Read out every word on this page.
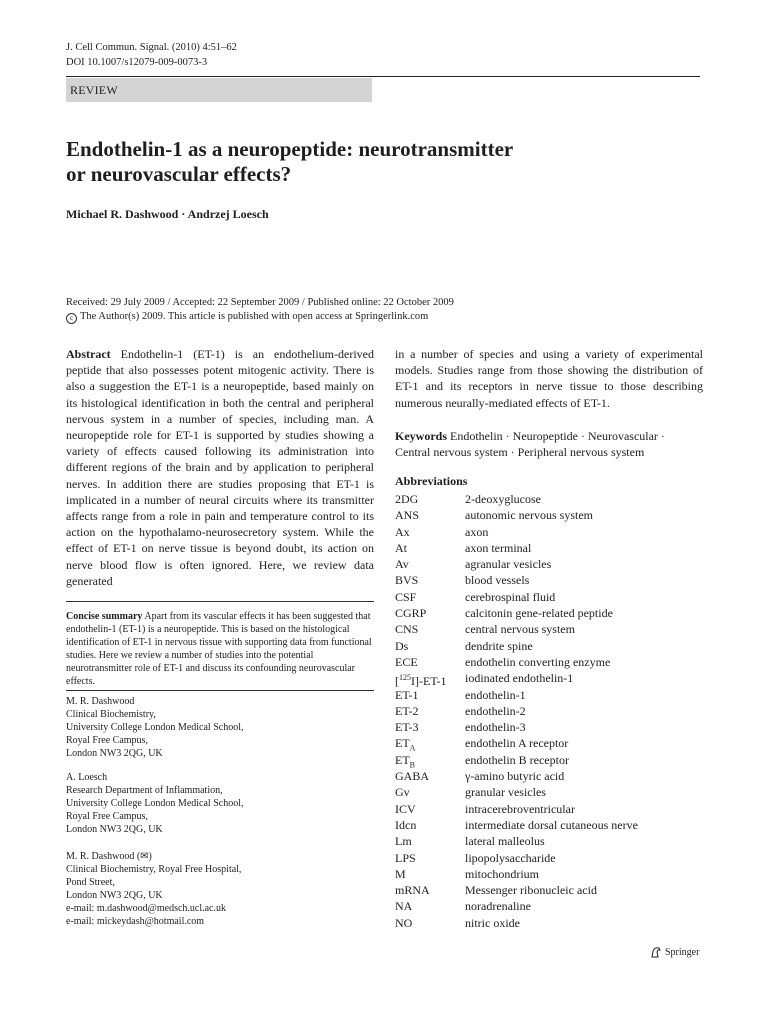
J. Cell Commun. Signal. (2010) 4:51–62
DOI 10.1007/s12079-009-0073-3
REVIEW
Endothelin-1 as a neuropeptide: neurotransmitter
or neurovascular effects?
Michael R. Dashwood · Andrzej Loesch
Received: 29 July 2009 / Accepted: 22 September 2009 / Published online: 22 October 2009
c The Author(s) 2009. This article is published with open access at Springerlink.com
Abstract Endothelin-1 (ET-1) is an endothelium-derived peptide that also possesses potent mitogenic activity. There is also a suggestion the ET-1 is a neuropeptide, based mainly on its histological identification in both the central and peripheral nervous system in a number of species, including man. A neuropeptide role for ET-1 is supported by studies showing a variety of effects caused following its administration into different regions of the brain and by application to peripheral nerves. In addition there are studies proposing that ET-1 is implicated in a number of neural circuits where its transmitter affects range from a role in pain and temperature control to its action on the hypothalamo-neurosecretory system. While the effect of ET-1 on nerve tissue is beyond doubt, its action on nerve blood flow is often ignored. Here, we review data generated
in a number of species and using a variety of experimental models. Studies range from those showing the distribution of ET-1 and its receptors in nerve tissue to those describing numerous neurally-mediated effects of ET-1.
Concise summary Apart from its vascular effects it has been suggested that endothelin-1 (ET-1) is a neuropeptide. This is based on the histological identification of ET-1 in nervous tissue with supporting data from functional studies. Here we review a number of studies into the potential neurotransmitter role of ET-1 and discuss its confounding neurovascular effects.
M. R. Dashwood
Clinical Biochemistry,
University College London Medical School,
Royal Free Campus,
London NW3 2QG, UK
A. Loesch
Research Department of Inflammation,
University College London Medical School,
Royal Free Campus,
London NW3 2QG, UK
M. R. Dashwood (✉)
Clinical Biochemistry, Royal Free Hospital,
Pond Street,
London NW3 2QG, UK
e-mail: m.dashwood@medsch.ucl.ac.uk
e-mail: mickeydash@hotmail.com
Keywords Endothelin · Neuropeptide · Neurovascular ·
Central nervous system · Peripheral nervous system
Abbreviations
2DG	2-deoxyglucose
ANS	autonomic nervous system
Ax	axon
At	axon terminal
Av	agranular vesicles
BVS	blood vessels
CSF	cerebrospinal fluid
CGRP	calcitonin gene-related peptide
CNS	central nervous system
Ds	dendrite spine
ECE	endothelin converting enzyme
[$^{125}$I]-ET-1 iodinated endothelin-1
ET-1	endothelin-1
ET-2	endothelin-2
ET-3	endothelin-3
$ET_A$	endothelin A receptor
$ET_B$	endothelin B receptor
GABA	γ-amino butyric acid
Gv	granular vesicles
ICV	intracerebroventricular
Idcn	intermediate dorsal cutaneous nerve
Lm	lateral malleolus
LPS	lipopolysaccharide
M	mitochondrium
mRNA	Messenger ribonucleic acid
NA	noradrenaline
NO	nitric oxide
Springer
